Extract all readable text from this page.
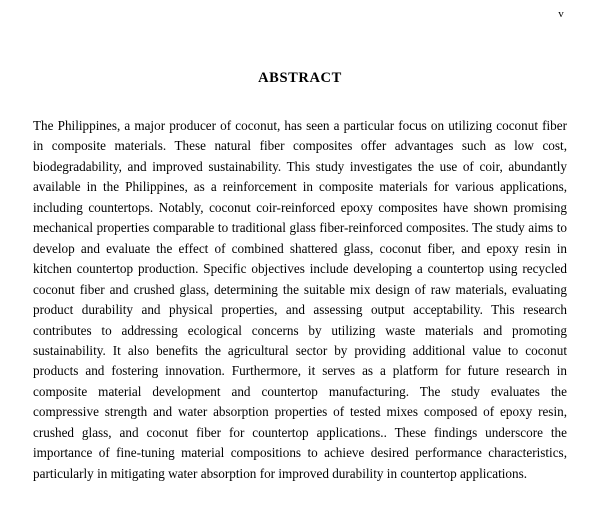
v
ABSTRACT

The Philippines, a major producer of coconut, has seen a particular focus on utilizing coconut fiber in composite materials. These natural fiber composites offer advantages such as low cost, biodegradability, and improved sustainability. This study investigates the use of coir, abundantly available in the Philippines, as a reinforcement in composite materials for various applications, including countertops. Notably, coconut coir-reinforced epoxy composites have shown promising mechanical properties comparable to traditional glass fiber-reinforced composites. The study aims to develop and evaluate the effect of combined shattered glass, coconut fiber, and epoxy resin in kitchen countertop production. Specific objectives include developing a countertop using recycled coconut fiber and crushed glass, determining the suitable mix design of raw materials, evaluating product durability and physical properties, and assessing output acceptability. This research contributes to addressing ecological concerns by utilizing waste materials and promoting sustainability. It also benefits the agricultural sector by providing additional value to coconut products and fostering innovation. Furthermore, it serves as a platform for future research in composite material development and countertop manufacturing. The study evaluates the compressive strength and water absorption properties of tested mixes composed of epoxy resin, crushed glass, and coconut fiber for countertop applications.. These findings underscore the importance of fine-tuning material compositions to achieve desired performance characteristics, particularly in mitigating water absorption for improved durability in countertop applications.
